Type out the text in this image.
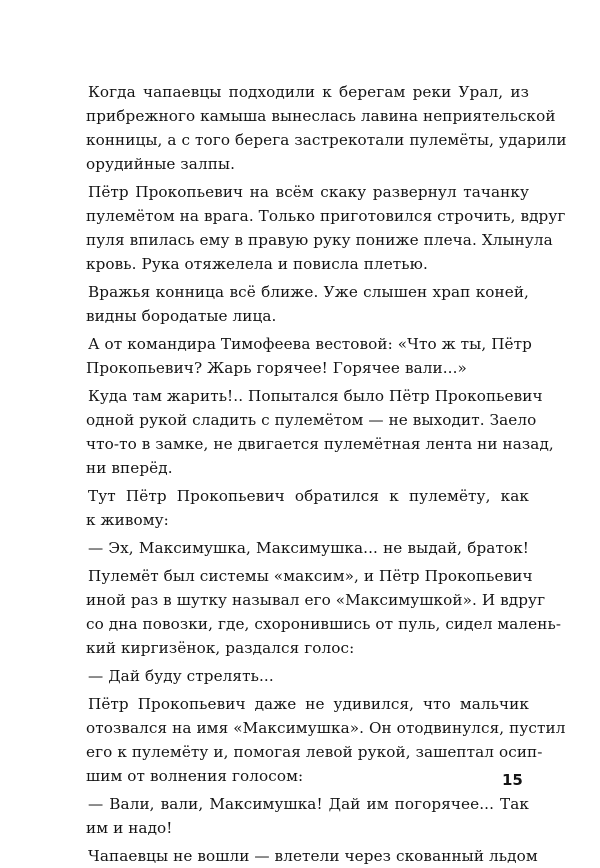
Когда чапаевцы подходили к берегам реки Урал, из
прибрежного камыша вынеслась лавина неприятельской
конницы, а с того берега застрекотали пулемёты, ударили
орудийные залпы.
Пётр Прокопьевич на всём скаку развернул тачанку
пулемётом на врага. Только приготовился строчить, вдруг
пуля впилась ему в правую руку пониже плеча. Хлынула
кровь. Рука отяжелела и повисла плетью.
Вражья конница всё ближе. Уже слышен храп коней,
видны бородатые лица.
А от командира Тимофеева вестовой: «Что ж ты, Пётр
Прокопьевич? Жарь горячее! Горячее вали...»
Куда там жарить!.. Попытался было Пётр Прокопьевич
одной рукой сладить с пулемётом — не выходит. Заело
что-то в замке, не двигается пулемётная лента ни назад,
ни вперёд.
Тут Пётр Прокопьевич обратился к пулемёту, как
к живому:
— Эх, Максимушка, Максимушка... не выдай, браток!
Пулемёт был системы «максим», и Пётр Прокопьевич
иной раз в шутку называл его «Максимушкой». И вдруг
со дна повозки, где, схоронившись от пуль, сидел малень-
кий киргизёнок, раздался голос:
— Дай буду стрелять...
Пётр Прокопьевич даже не удивился, что мальчик
отозвался на имя «Максимушка». Он отодвинулся, пустил
его к пулемёту и, помогая левой рукой, зашептал осип-
шим от волнения голосом:
— Вали, вали, Максимушка! Дай им погорячее... Так
им и надо!
Чапаевцы не вошли — влетели через скованный льдом
15
